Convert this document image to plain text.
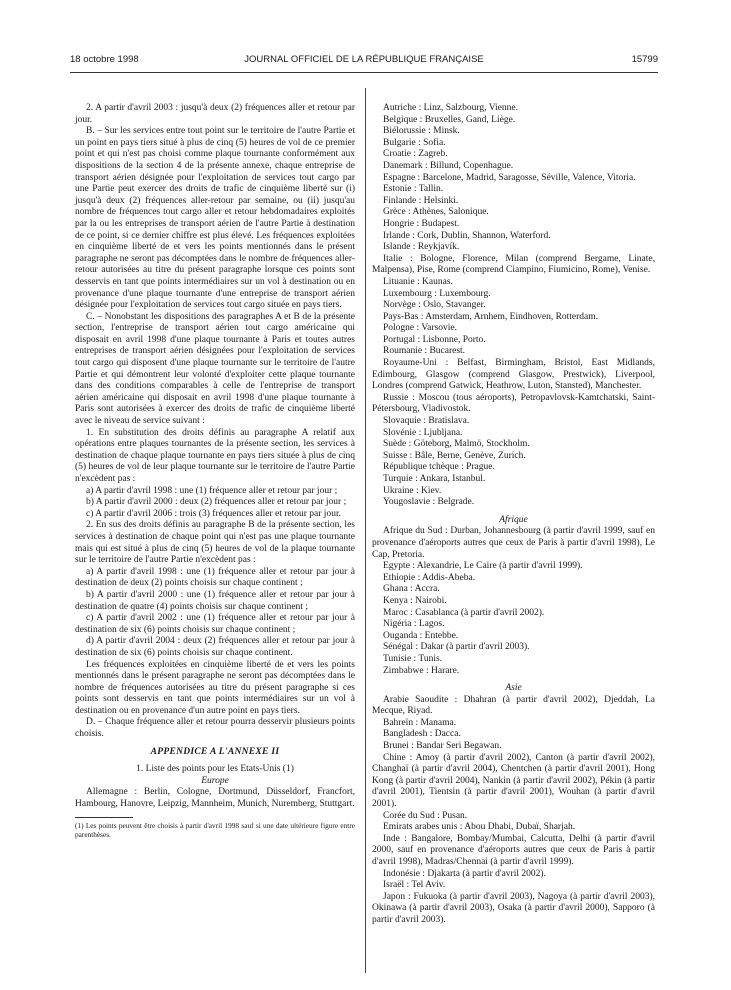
18 octobre 1998	JOURNAL OFFICIEL DE LA RÉPUBLIQUE FRANÇAISE	15799

2. A partir d'avril 2003 : jusqu'à deux (2) fréquences aller et retour par jour.

B. – Sur les services entre tout point sur le territoire de l'autre Partie et un point en pays tiers situé à plus de cinq (5) heures de vol de ce premier point et qui n'est pas choisi comme plaque tournante conformément aux dispositions de la section 4 de la présente annexe, chaque entreprise de transport aérien désignée pour l'exploitation de services tout cargo par une Partie peut exercer des droits de trafic de cinquième liberté sur (i) jusqu'à deux (2) fréquences aller-retour par semaine, ou (ii) jusqu'au nombre de fréquences tout cargo aller et retour hebdomadaires exploités par la ou les entreprises de transport aérien de l'autre Partie à destination de ce point, si ce dernier chiffre est plus élevé. Les fréquences exploitées en cinquième liberté de et vers les points mentionnés dans le présent paragraphe ne seront pas décomptées dans le nombre de fréquences aller-retour autorisées au titre du présent paragraphe lorsque ces points sont desservis en tant que points intermédiaires sur un vol à destination ou en provenance d'une plaque tournante d'une entreprise de transport aérien désignée pour l'exploitation de services tout cargo située en pays tiers.

C. – Nonobstant les dispositions des paragraphes A et B de la présente section, l'entreprise de transport aérien tout cargo américaine qui disposait en avril 1998 d'une plaque tournante à Paris et toutes autres entreprises de transport aérien désignées pour l'exploitation de services tout cargo qui disposent d'une plaque tournante sur le territoire de l'autre Partie et qui démontrent leur volonté d'exploiter cette plaque tournante dans des conditions comparables à celle de l'entreprise de transport aérien américaine qui disposait en avril 1998 d'une plaque tournante à Paris sont autorisées à exercer des droits de trafic de cinquième liberté avec le niveau de service suivant :

1. En substitution des droits définis au paragraphe A relatif aux opérations entre plaques tournantes de la présente section, les services à destination de chaque plaque tournante en pays tiers située à plus de cinq (5) heures de vol de leur plaque tournante sur le territoire de l'autre Partie n'excèdent pas :

a) A partir d'avril 1998 : une (1) fréquence aller et retour par jour ;

b) A partir d'avril 2000 : deux (2) fréquences aller et retour par jour ;

c) A partir d'avril 2006 : trois (3) fréquences aller et retour par jour.

2. En sus des droits définis au paragraphe B de la présente section, les services à destination de chaque point qui n'est pas une plaque tournante mais qui est situé à plus de cinq (5) heures de vol de la plaque tournante sur le territoire de l'autre Partie n'excèdent pas :

a) A partir d'avril 1998 : une (1) fréquence aller et retour par jour à destination de deux (2) points choisis sur chaque continent ;

b) A partir d'avril 2000 : une (1) fréquence aller et retour par jour à destination de quatre (4) points choisis sur chaque continent ;

c) A partir d'avril 2002 : une (1) fréquence aller et retour par jour à destination de six (6) points choisis sur chaque continent ;

d) A partir d'avril 2004 : deux (2) fréquences aller et retour par jour à destination de six (6) points choisis sur chaque continent.

Les fréquences exploitées en cinquième liberté de et vers les points mentionnés dans le présent paragraphe ne seront pas décomptées dans le nombre de fréquences autorisées au titre du présent paragraphe si ces points sont desservis en tant que points intermédiaires sur un vol à destination ou en provenance d'un autre point en pays tiers.

D. – Chaque fréquence aller et retour pourra desservir plusieurs points choisis.

APPENDICE A L'ANNEXE II

1. Liste des points pour les Etats-Unis (1)

Europe

Allemagne : Berlin, Cologne, Dortmund, Düsseldorf, Francfort, Hambourg, Hanovre, Leipzig, Mannheim, Munich, Nuremberg, Stuttgart.

(1) Les points peuvent être choisis à partir d'avril 1998 sauf si une date ultérieure figure entre parenthèses.

Autriche : Linz, Salzbourg, Vienne.

Belgique : Bruxelles, Gand, Liège.

Biélorussie : Minsk.

Bulgarie : Sofia.

Croatie : Zagreb.

Danemark : Billund, Copenhague.

Espagne : Barcelone, Madrid, Saragosse, Séville, Valence, Vitoria.

Estonie : Tallin.

Finlande : Helsinki.

Grèce : Athènes, Salonique.

Hongrie : Budapest.

Irlande : Cork, Dublin, Shannon, Waterford.

Islande : Reykjavík.

Italie : Bologne, Florence, Milan (comprend Bergame, Linate, Malpensa), Pise, Rome (comprend Ciampino, Fiumicino, Rome), Venise.

Lituanie : Kaunas.

Luxembourg : Luxembourg.

Norvège : Oslo, Stavanger.

Pays-Bas : Amsterdam, Arnhem, Eindhoven, Rotterdam.

Pologne : Varsovie.

Portugal : Lisbonne, Porto.

Roumanie : Bucarest.

Royaume-Uni : Belfast, Birmingham, Bristol, East Midlands, Edimbourg, Glasgow (comprend Glasgow, Prestwick), Liverpool, Londres (comprend Gatwick, Heathrow, Luton, Stansted), Manchester.

Russie : Moscou (tous aéroports), Petropavlovsk-Kamtchatski, Saint-Pétersbourg, Vladivostok.

Slovaquie : Bratislava.

Slovénie : Ljubljana.

Suède : Göteborg, Malmö, Stockholm.

Suisse : Bâle, Berne, Genève, Zurich.

République tchèque : Prague.

Turquie : Ankara, Istanbul.

Ukraine : Kiev.

Yougoslavie : Belgrade.

Afrique

Afrique du Sud : Durban, Johannesbourg (à partir d'avril 1999, sauf en provenance d'aéroports autres que ceux de Paris à partir d'avril 1998), Le Cap, Pretoria.

Egypte : Alexandrie, Le Caire (à partir d'avril 1999).

Ethiopie : Addis-Abeba.

Ghana : Accra.

Kenya : Nairobi.

Maroc : Casablanca (à partir d'avril 2002).

Nigéria : Lagos.

Ouganda : Entebbe.

Sénégal : Dakar (à partir d'avril 2003).

Tunisie : Tunis.

Zimbabwe : Harare.

Asie

Arabie Saoudite : Dhahran (à partir d'avril 2002), Djeddah, La Mecque, Riyad.

Bahreïn : Manama.

Bangladesh : Dacca.

Brunei : Bandar Seri Begawan.

Chine : Amoy (à partir d'avril 2002), Canton (à partir d'avril 2002), Changhaï (à partir d'avril 2004), Chentchen (à partir d'avril 2001), Hong Kong (à partir d'avril 2004), Nankin (à partir d'avril 2002), Pékin (à partir d'avril 2001), Tientsin (à partir d'avril 2001), Wouhan (à partir d'avril 2001).

Corée du Sud : Pusan.

Emirats arabes unis : Abou Dhabi, Dubaï, Sharjah.

Inde : Bangalore, Bombay/Mumbai, Calcutta, Delhi (à partir d'avril 2000, sauf en provenance d'aéroports autres que ceux de Paris à partir d'avril 1998), Madras/Chennai (à partir d'avril 1999).

Indonésie : Djakarta (à partir d'avril 2002).

Israël : Tel Aviv.

Japon : Fukuoka (à partir d'avril 2003), Nagoya (à partir d'avril 2003), Okinawa (à partir d'avril 2003), Osaka (à partir d'avril 2000), Sapporo (à partir d'avril 2003).
